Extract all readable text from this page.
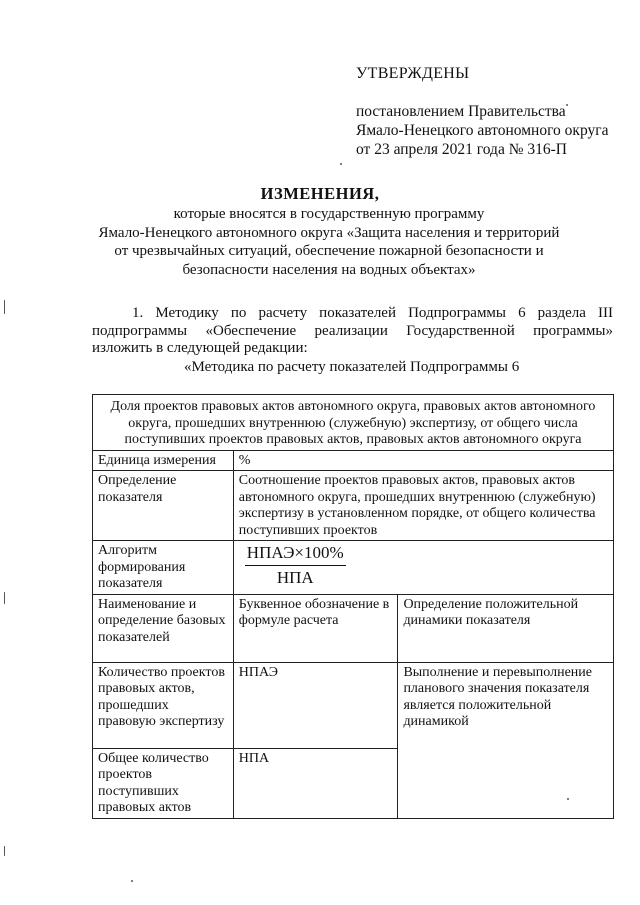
УТВЕРЖДЕНЫ
постановлением Правительства
Ямало-Ненецкого автономного округа
от 23 апреля 2021 года № 316-П
ИЗМЕНЕНИЯ,
которые вносятся в государственную программу
Ямало-Ненецкого автономного округа «Защита населения и территорий
от чрезвычайных ситуаций, обеспечение пожарной безопасности и
безопасности населения на водных объектах»
1. Методику по расчету показателей Подпрограммы 6 раздела III подпрограммы «Обеспечение реализации Государственной программы» изложить в следующей редакции:
«Методика по расчету показателей Подпрограммы 6
Доля проектов правовых актов автономного округа, правовых актов автономного округа, прошедших внутреннюю (служебную) экспертизу, от общего числа поступивших проектов правовых актов, правовых актов автономного округа		
Единица измерения	%	
Определение показателя	Соотношение проектов правовых актов, правовых актов автономного округа, прошедших внутреннюю (служебную) экспертизу в установленном порядке, от общего количества поступивших проектов	
Алгоритм формирования показателя	$\frac{\text{НПАЭ×100\%}}{\text{НПА}}$

Наименование и определение базовых показателей	Буквенное обозначение в формуле расчета	Определение положительной динамики показателя
Количество проектов правовых актов, прошедших правовую экспертизу	НПАЭ	Выполнение и перевыполнение планового значения показателя является положительной динамикой
Общее количество проектов поступивших правовых актов	НПА	
